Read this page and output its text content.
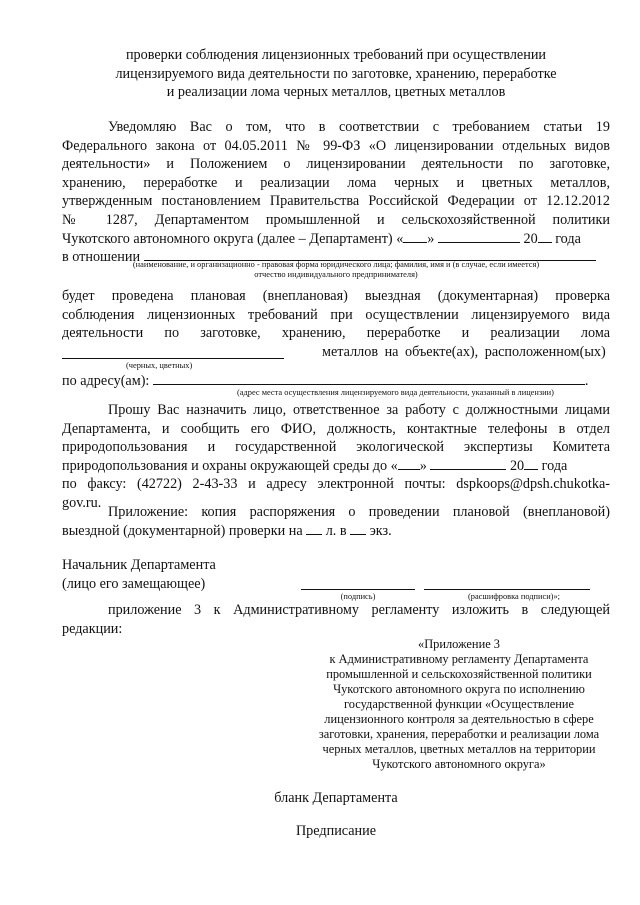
проверки соблюдения лицензионных требований при осуществлении
лицензируемого вида деятельности по заготовке, хранению, переработке
и реализации лома черных металлов, цветных металлов
Уведомляю Вас о том, что в соответствии с требованием статьи 19
Федерального закона от 04.05.2011 № 99-ФЗ «О лицензировании отдельных видов
деятельности» и Положением о лицензировании деятельности по заготовке,
хранению, переработке и реализации лома черных и цветных металлов,
утвержденным постановлением Правительства Российской Федерации от 12.12.2012
№ 1287, Департаментом промышленной и сельскохозяйственной политики
Чукотского автономного округа (далее – Департамент) « »	20 года
в отношении
(наименование, и организационно - правовая форма юридического лица; фамилия, имя и (в случае, если имеется)
отчество индивидуального предпринимателя)
будет проведена плановая (внеплановая) выездная (документарная) проверка
соблюдения лицензионных требований при осуществлении лицензируемого вида
деятельности по заготовке, хранению, переработке и реализации лома
металлов на объекте(ах), расположенном(ых)
(черных, цветных)
по адресу(ам):	.
(адрес места осуществления лицензируемого вида деятельности, указанный в лицензии)
Прошу Вас назначить лицо, ответственное за работу с должностными лицами
Департамента, и сообщить его ФИО, должность, контактные телефоны в отдел
природопользования и государственной экологической экспертизы Комитета
природопользования и охраны окружающей среды до « »	20 года
по факсу: (42722) 2-43-33 и адресу электронной почты: dspkoops@dpsh.chukotka-
gov.ru.
Приложение: копия распоряжения о проведении плановой (внеплановой)
выездной (документарной) проверки на л. в экз.
Начальник Департамента
(лицо его замещающее)
(подпись)	(расшифровка подписи)»;
приложение 3 к Административному регламенту изложить в следующей
редакции:
«Приложение 3
к Административному регламенту Департамента
промышленной и сельскохозяйственной политики
Чукотского автономного округа по исполнению
государственной функции «Осуществление
лицензионного контроля за деятельностью в сфере
заготовки, хранения, переработки и реализации лома
черных металлов, цветных металлов на территории
Чукотского автономного округа»
бланк Департамента
Предписание
